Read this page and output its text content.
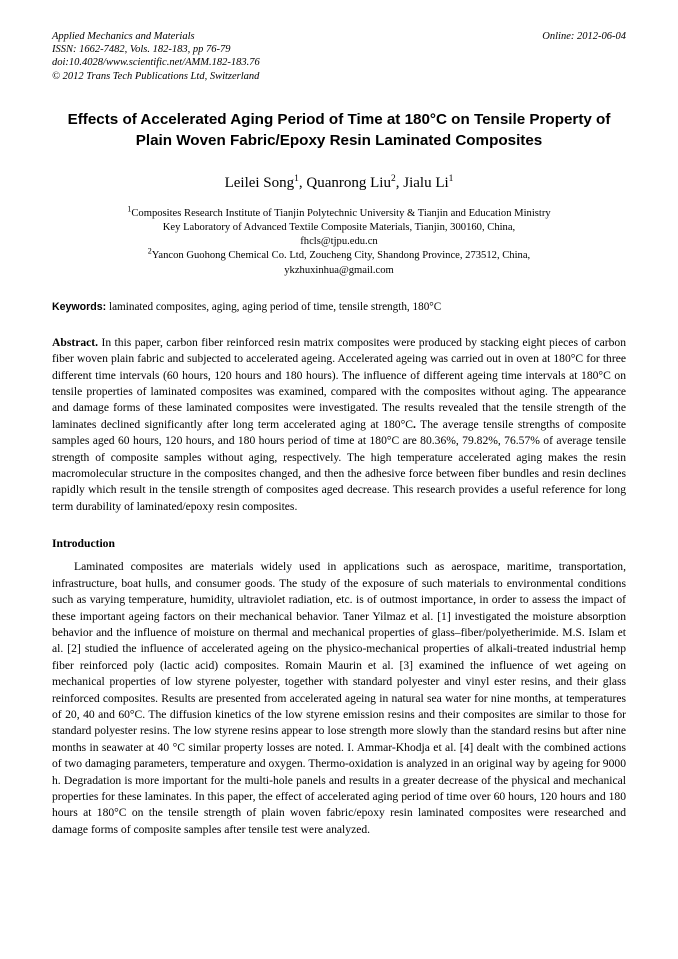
Applied Mechanics and Materials
ISSN: 1662-7482, Vols. 182-183, pp 76-79
doi:10.4028/www.scientific.net/AMM.182-183.76
© 2012 Trans Tech Publications Ltd, Switzerland
Online: 2012-06-04
Effects of Accelerated Aging Period of Time at 180°C on Tensile Property of Plain Woven Fabric/Epoxy Resin Laminated Composites
Leilei Song$^1$, Quanrong Liu$^2$, Jialu Li$^1$
$^1$Composites Research Institute of Tianjin Polytechnic University & Tianjin and Education Ministry
Key Laboratory of Advanced Textile Composite Materials, Tianjin, 300160, China,
fhcls@tjpu.edu.cn
$^2$Yancon Guohong Chemical Co. Ltd, Zoucheng City, Shandong Province, 273512, China,
ykzhuxinhua@gmail.com
Keywords: laminated composites, aging, aging period of time, tensile strength, 180°C
Abstract. In this paper, carbon fiber reinforced resin matrix composites were produced by stacking eight pieces of carbon fiber woven plain fabric and subjected to accelerated ageing. Accelerated ageing was carried out in oven at 180°C for three different time intervals (60 hours, 120 hours and 180 hours). The influence of different ageing time intervals at 180°C on tensile properties of laminated composites was examined, compared with the composites without aging. The appearance and damage forms of these laminated composites were investigated. The results revealed that the tensile strength of the laminates declined significantly after long term accelerated aging at 180°C. The average tensile strengths of composite samples aged 60 hours, 120 hours, and 180 hours period of time at 180°C are 80.36%, 79.82%, 76.57% of average tensile strength of composite samples without aging, respectively. The high temperature accelerated aging makes the resin macromolecular structure in the composites changed, and then the adhesive force between fiber bundles and resin declines rapidly which result in the tensile strength of composites aged decrease. This research provides a useful reference for long term durability of laminated/epoxy resin composites.
Introduction
Laminated composites are materials widely used in applications such as aerospace, maritime, transportation, infrastructure, boat hulls, and consumer goods. The study of the exposure of such materials to environmental conditions such as varying temperature, humidity, ultraviolet radiation, etc. is of outmost importance, in order to assess the impact of these important ageing factors on their mechanical behavior. Taner Yilmaz et al. [1] investigated the moisture absorption behavior and the influence of moisture on thermal and mechanical properties of glass–fiber/polyetherimide. M.S. Islam et al. [2] studied the influence of accelerated ageing on the physico-mechanical properties of alkali-treated industrial hemp fiber reinforced poly (lactic acid) composites. Romain Maurin et al. [3] examined the influence of wet ageing on mechanical properties of low styrene polyester, together with standard polyester and vinyl ester resins, and their glass reinforced composites. Results are presented from accelerated ageing in natural sea water for nine months, at temperatures of 20, 40 and 60°C. The diffusion kinetics of the low styrene emission resins and their composites are similar to those for standard polyester resins. The low styrene resins appear to lose strength more slowly than the standard resins but after nine months in seawater at 40 °C similar property losses are noted. I. Ammar-Khodja et al. [4] dealt with the combined actions of two damaging parameters, temperature and oxygen. Thermo-oxidation is analyzed in an original way by ageing for 9000 h. Degradation is more important for the multi-hole panels and results in a greater decrease of the physical and mechanical properties for these laminates. In this paper, the effect of accelerated aging period of time over 60 hours, 120 hours and 180 hours at 180°C on the tensile strength of plain woven fabric/epoxy resin laminated composites were researched and damage forms of composite samples after tensile test were analyzed.
